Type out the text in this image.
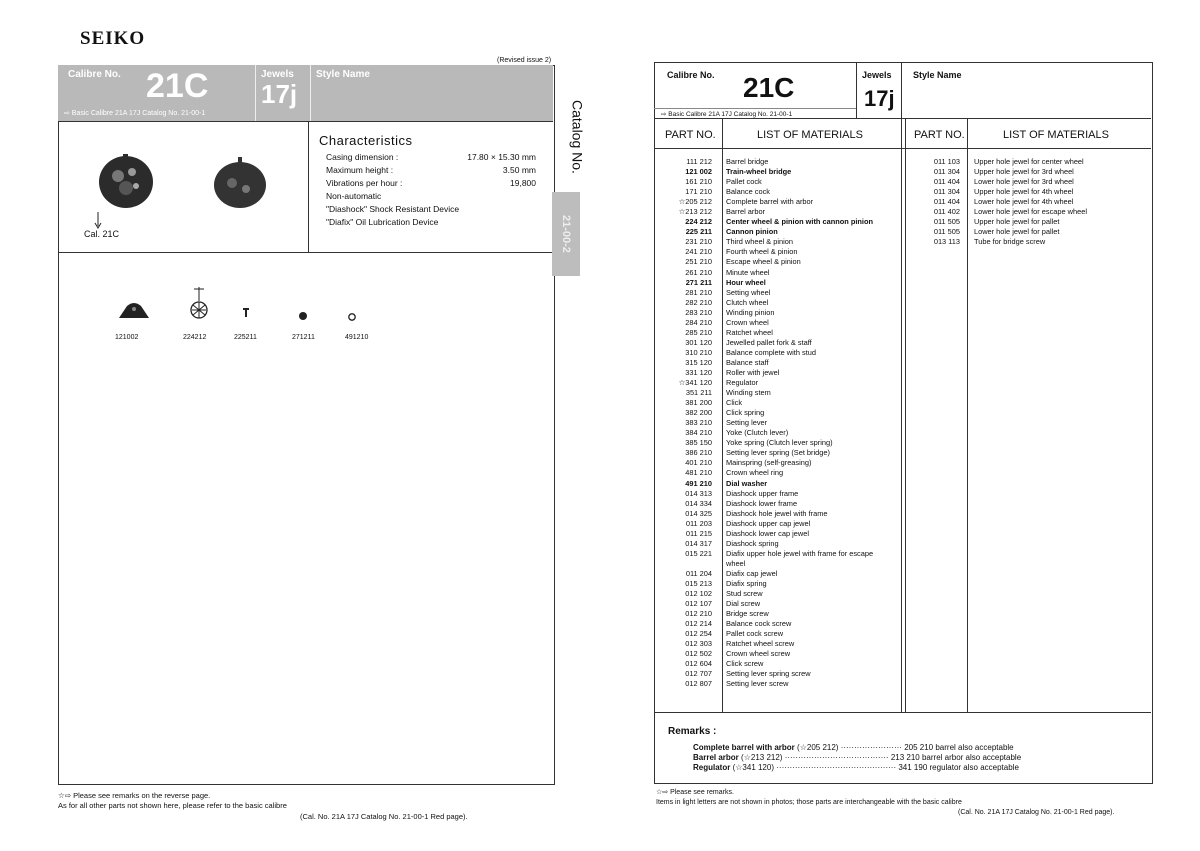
SEIKO
(Revised issue 2)
Calibre No. 21C	Jewels
17j
Style Name
⇨ Basic Calibre 21A 17J Catalog No. 21-00-1
Cal. 21C
Characteristics
Casing dimension :	17.80 × 15.30 mm
Maximum height :	3.50 mm
Vibrations per hour :	19,800
Non-automatic
"Diashock" Shock Resistant Device
"Diafix" Oil Lubrication Device
121002	224212	225211	271211	491210
Catalog No.
21-00-2
☆⇨ Please see remarks on the reverse page.
As for all other parts not shown here, please refer to the basic calibre
(Cal. No. 21A 17J Catalog No. 21-00-1 Red page).
Calibre No. 21C	Jewels
17j
Style Name
⇨ Basic Calibre 21A 17J Catalog No. 21-00-1
PART NO.	LIST OF MATERIALS	PART NO.	LIST OF MATERIALS
111 212 Barrel bridge
121 002 Train-wheel bridge
161 210 Pallet cock
171 210 Balance cock
☆205 212 Complete barrel with arbor
☆213 212 Barrel arbor
224 212 Center wheel & pinion with cannon pinion
225 211 Cannon pinion
231 210 Third wheel & pinion
241 210 Fourth wheel & pinion
251 210 Escape wheel & pinion
261 210 Minute wheel
271 211 Hour wheel
281 210 Setting wheel
282 210 Clutch wheel
283 210 Winding pinion
284 210 Crown wheel
285 210 Ratchet wheel
301 120 Jewelled pallet fork & staff
310 210 Balance complete with stud
315 120 Balance staff
331 120 Roller with jewel
☆341 120 Regulator
351 211 Winding stem
381 200 Click
382 200 Click spring
383 210 Setting lever
384 210 Yoke (Clutch lever)
385 150 Yoke spring (Clutch lever spring)
386 210 Setting lever spring (Set bridge)
401 210 Mainspring (self-greasing)
481 210 Crown wheel ring
491 210 Dial washer
014 313 Diashock upper frame
014 334 Diashock lower frame
014 325 Diashock hole jewel with frame
011 203 Diashock upper cap jewel
011 215 Diashock lower cap jewel
014 317 Diashock spring
015 221 Diafix upper hole jewel with frame for escape wheel
011 204 Diafix cap jewel
015 213 Diafix spring
012 102 Stud screw
012 107 Dial screw
012 210 Bridge screw
012 214 Balance cock screw
012 254 Pallet cock screw
012 303 Ratchet wheel screw
012 502 Crown wheel screw
012 604 Click screw
012 707 Setting lever spring screw
012 807 Setting lever screw
011 103 Upper hole jewel for center wheel
011 304 Upper hole jewel for 3rd wheel
011 404 Lower hole jewel for 3rd wheel
011 304 Upper hole jewel for 4th wheel
011 404 Lower hole jewel for 4th wheel
011 402 Lower hole jewel for escape wheel
011 505 Upper hole jewel for pallet
011 505 Lower hole jewel for pallet
013 113 Tube for bridge screw
Remarks :
Complete barrel with arbor (☆205 212) ······················· 205 210 barrel also acceptable
Barrel arbor (☆213 212) ······································· 213 210 barrel arbor also acceptable
Regulator (☆341 120) ············································· 341 190 regulator also acceptable
☆⇨ Please see remarks.
Items in light letters are not shown in photos; those parts are interchangeable with the basic calibre
(Cal. No. 21A 17J Catalog No. 21-00-1 Red page).
